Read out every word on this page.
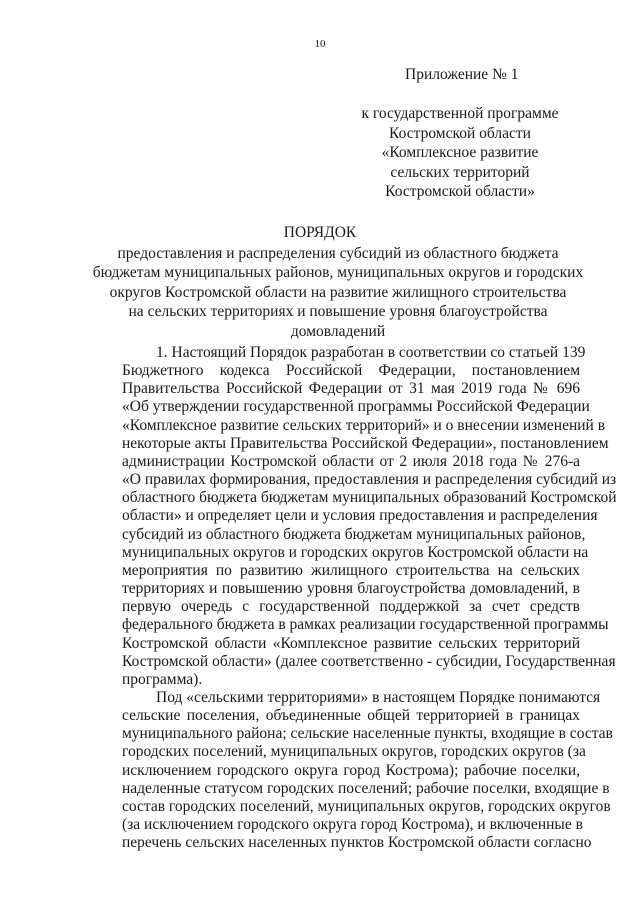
10
Приложение № 1
к государственной программе
Костромской области
«Комплексное развитие
сельских территорий
Костромской области»
ПОРЯДОК
предоставления и распределения субсидий из областного бюджета
бюджетам муниципальных районов, муниципальных округов и городских
округов Костромской области на развитие жилищного строительства
на сельских территориях и повышение уровня благоустройства
домовладений

1. Настоящий Порядок разработан в соответствии со статьей 139
Бюджетного кодекса Российской Федерации, постановлением
Правительства Российской Федерации от 31 мая 2019 года № 696
«Об утверждении государственной программы Российской Федерации
«Комплексное развитие сельских территорий» и о внесении изменений в
некоторые акты Правительства Российской Федерации», постановлением
администрации Костромской области от 2 июля 2018 года № 276-а
«О правилах формирования, предоставления и распределения субсидий из
областного бюджета бюджетам муниципальных образований Костромской
области» и определяет цели и условия предоставления и распределения
субсидий из областного бюджета бюджетам муниципальных районов,
муниципальных округов и городских округов Костромской области на
мероприятия по развитию жилищного строительства на сельских
территориях и повышению уровня благоустройства домовладений, в
первую очередь с государственной поддержкой за счет средств
федерального бюджета в рамках реализации государственной программы
Костромской области «Комплексное развитие сельских территорий
Костромской области» (далее соответственно - субсидии, Государственная
программа).

Под «сельскими территориями» в настоящем Порядке понимаются
сельские поселения, объединенные общей территорией в границах
муниципального района; сельские населенные пункты, входящие в состав
городских поселений, муниципальных округов, городских округов (за
исключением городского округа город Кострома); рабочие поселки,
наделенные статусом городских поселений; рабочие поселки, входящие в
состав городских поселений, муниципальных округов, городских округов
(за исключением городского округа город Кострома), и включенные в
перечень сельских населенных пунктов Костромской области согласно
